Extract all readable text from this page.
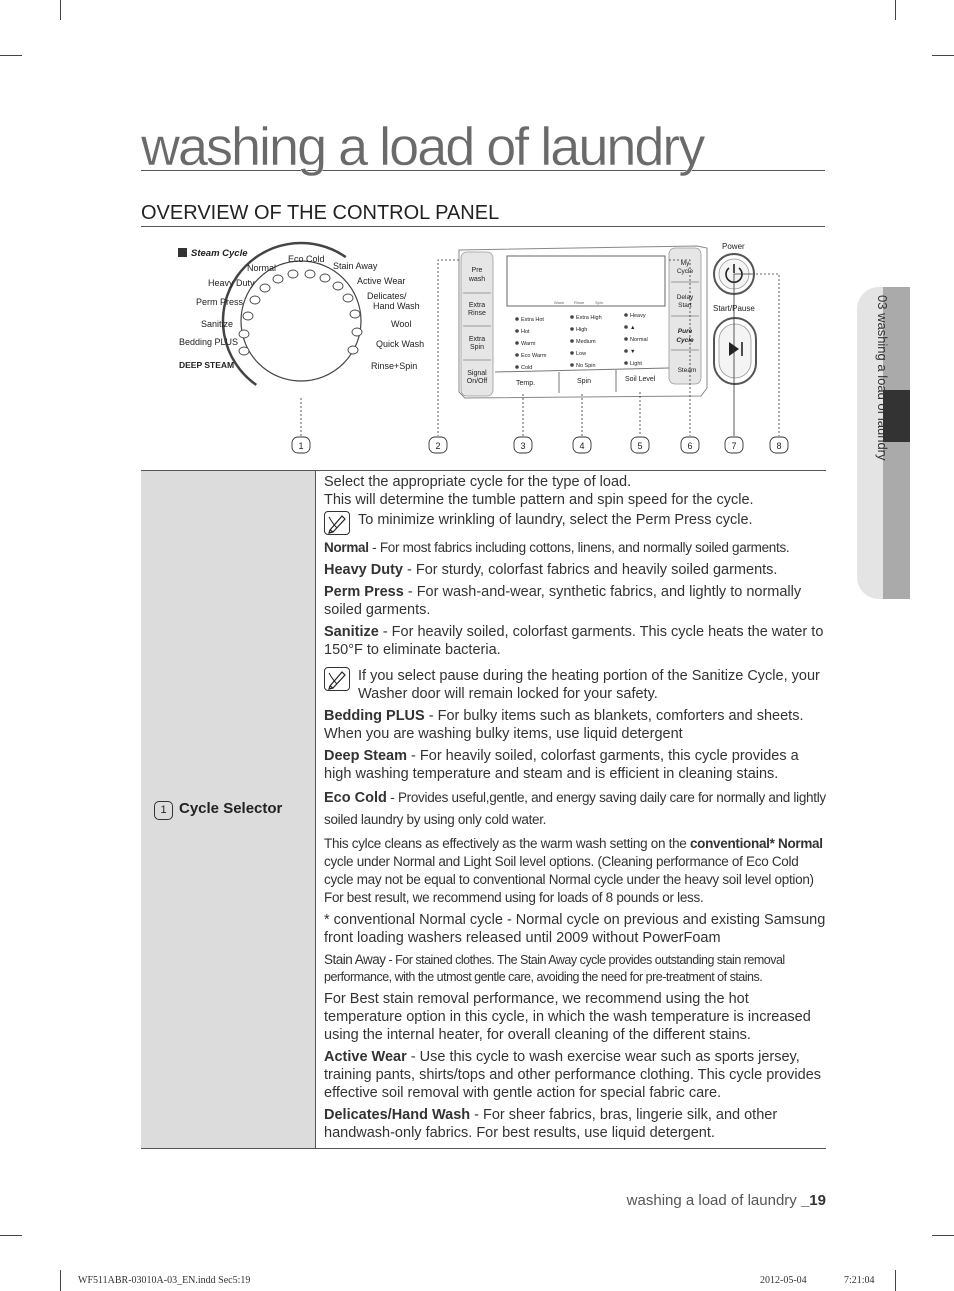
washing a load of laundry
OVERVIEW OF THE CONTROL PANEL
03 washing a load of laundry
Steam Cycle
Normal
Heavy Duty
Perm Press
Sanitize
Bedding PLUS
DEEP STEAM
Eco Cold
Stain Away
Active Wear
Delicates/
Hand Wash
Wool
Quick Wash
Rinse+Spin
Pre
wash
Extra
Rinse
Extra
Spin
Signal
On/Off
Wash Rinse	Spin
Extra Hot
Hot
Warm
Eco Warm
Cold
Extra High
High
Medium
Low
No Spin
Heavy
▲
Normal
▼
Light
Temp.	Spin	Soil Level
My
Cycle
Delay
Start
Pure
Cycle
Steam
Power
Start/Pause
1	2	3	4	5	6	7	8
1 Cycle Selector	

Select the appropriate cycle for the type of load.
This will determine the tumble pattern and spin speed for the cycle.

To minimize wrinkling of laundry, select the Perm Press cycle.

Normal - For most fabrics including cottons, linens, and normally soiled garments.

Heavy Duty - For sturdy, colorfast fabrics and heavily soiled garments.

Perm Press - For wash-and-wear, synthetic fabrics, and lightly to normally soiled garments.

Sanitize - For heavily soiled, colorfast garments. This cycle heats the water to 150°F to eliminate bacteria.

If you select pause during the heating portion of the Sanitize Cycle, your Washer door will remain locked for your safety.

Bedding PLUS - For bulky items such as blankets, comforters and sheets. When you are washing bulky items, use liquid detergent

Deep Steam - For heavily soiled, colorfast garments, this cycle provides a high washing temperature and steam and is efficient in cleaning stains.

Eco Cold - Provides useful,gentle, and energy saving daily care for normally and lightly soiled laundry by using only cold water.

This cylce cleans as effectively as the warm wash setting on the conventional* Normal cycle under Normal and Light Soil level options. (Cleaning performance of Eco Cold cycle may not be equal to conventional Normal cycle under the heavy soil level option) For best result, we recommend using for loads of 8 pounds or less.

* conventional Normal cycle - Normal cycle on previous and existing Samsung front loading washers released until 2009 without PowerFoam

Stain Away - For stained clothes. The Stain Away cycle provides outstanding stain removal performance, with the utmost gentle care, avoiding the need for pre-treatment of stains.

For Best stain removal performance, we recommend using the hot temperature option in this cycle, in which the wash temperature is increased using the internal heater, for overall cleaning of the different stains.

Active Wear - Use this cycle to wash exercise wear such as sports jersey, training pants, shirts/tops and other performance clothing. This cycle provides effective soil removal with gentle action for special fabric care.

Delicates/Hand Wash - For sheer fabrics, bras, lingerie silk, and other handwash-only fabrics. For best results, use liquid detergent.

washing a load of laundry _19
WF511ABR-03010A-03_EN.indd Sec5:19	2012-05-04	7:21:04
